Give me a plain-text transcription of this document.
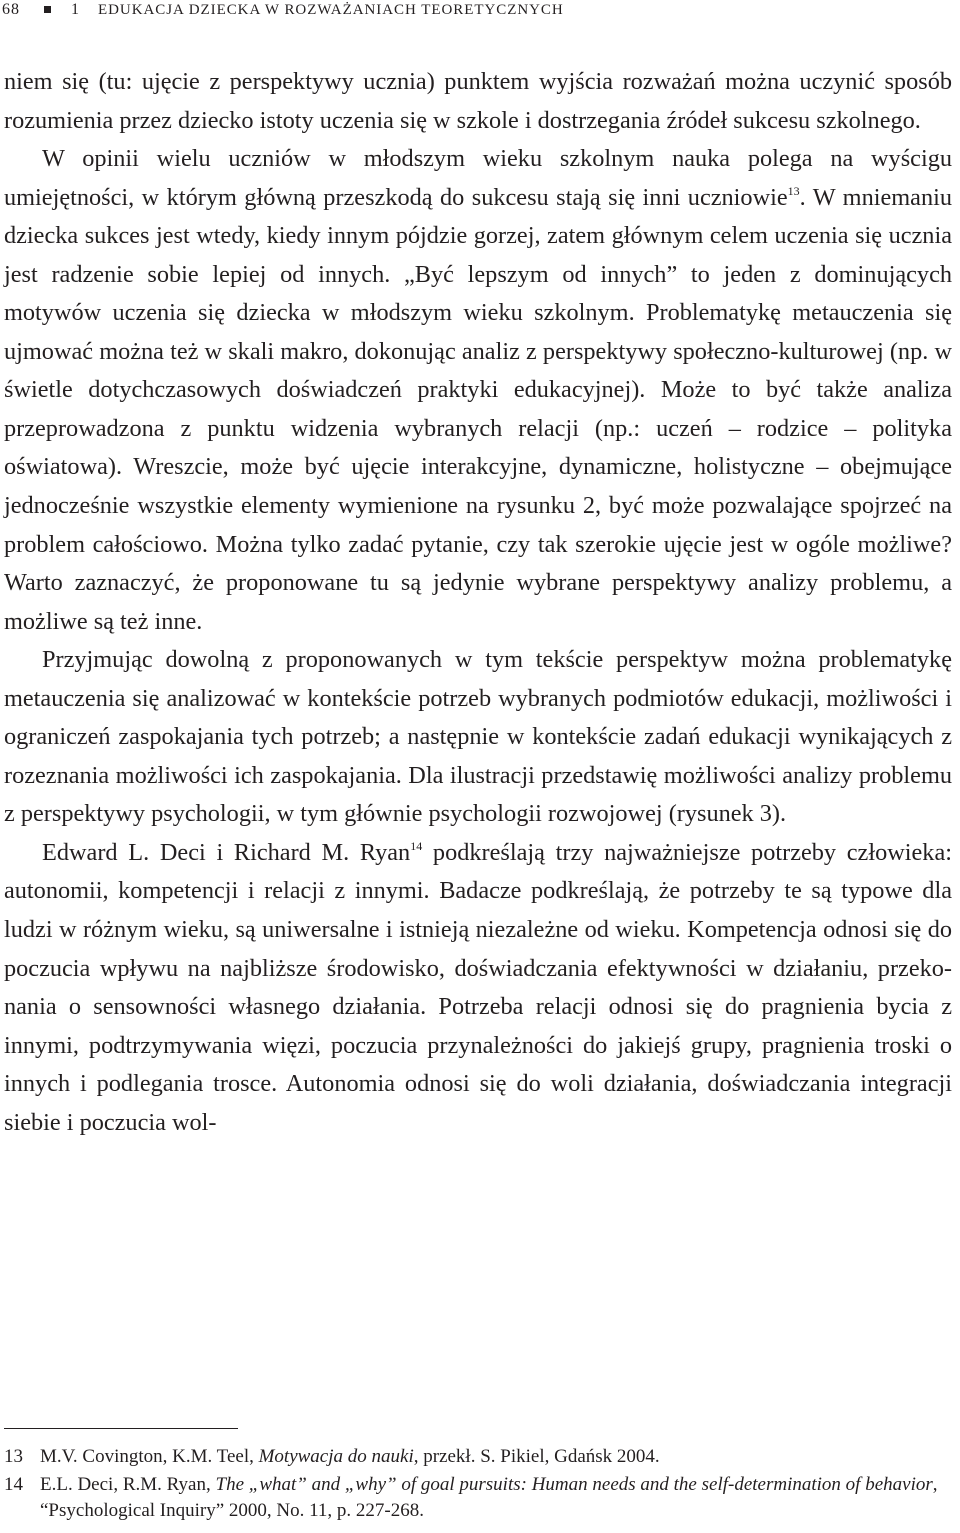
68	1 EDUKACJA DZIECKA W ROZWAŻANIACH TEORETYCZNYCH

niem się (tu: ujęcie z perspektywy ucznia) punktem wyjścia rozważań można uczynić sposób rozumienia przez dziecko istoty uczenia się w szkole i dostrzegania źródeł sukcesu szkolnego.

W opinii wielu uczniów w młodszym wieku szkolnym nauka polega na wyścigu umiejętności, w którym główną przeszkodą do sukcesu stają się inni uczniowie$^{13}$. W mniemaniu dziecka sukces jest wtedy, kiedy innym pójdzie gorzej, zatem głównym celem uczenia się ucznia jest radzenie sobie lepiej od innych. „Być lepszym od innych” to jeden z dominujących motywów uczenia się dziecka w młodszym wieku szkolnym. Problematykę metauczenia się ujmować można też w skali makro, dokonując analiz z perspektywy społeczno-kulturowej (np. w świetle dotychczasowych doświadczeń praktyki edukacyjnej). Może to być także analiza przeprowadzona z punktu widzenia wybranych relacji (np.: uczeń – rodzice – polityka oświatowa). Wreszcie, może być ujęcie interakcyjne, dynamiczne, holistyczne – obejmujące jednocześnie wszystkie elementy wymienione na rysunku 2, być może pozwalające spojrzeć na problem całościowo. Można tylko zadać pytanie, czy tak szerokie ujęcie jest w ogóle możliwe? Warto zaznaczyć, że proponowane tu są jedynie wybrane perspektywy analizy problemu, a możliwe są też inne.

Przyjmując dowolną z proponowanych w tym tekście perspektyw można problematykę metauczenia się analizować w kontekście potrzeb wybranych podmiotów edukacji, możliwości i ograniczeń zaspokajania tych potrzeb; a następnie w kontekście zadań edukacji wynikających z rozeznania możliwości ich zaspokajania. Dla ilustracji przedstawię możliwości analizy problemu z perspektywy psychologii, w tym głównie psychologii rozwojowej (rysunek 3).

Edward L. Deci i Richard M. Ryan$^{14}$ podkreślają trzy najważniejsze potrzeby człowieka: autonomii, kompetencji i relacji z innymi. Badacze podkreślają, że potrzeby te są typowe dla ludzi w różnym wieku, są uniwersalne i istnieją niezależne od wieku. Kompetencja odnosi się do poczucia wpływu na najbliższe środowisko, doświadczania efektywności w działaniu, przekonania o sensowności własnego działania. Potrzeba relacji odnosi się do pragnienia bycia z innymi, podtrzymywania więzi, poczucia przynależności do jakiejś grupy, pragnienia troski o innych i podlegania trosce. Autonomia odnosi się do woli działania, doświadczania integracji siebie i poczucia wol-

13 M.V. Covington, K.M. Teel, Motywacja do nauki, przekł. S. Pikiel, Gdańsk 2004.
14 E.L. Deci, R.M. Ryan, The „what” and „why” of goal pursuits: Human needs and the self-determination of behavior, “Psychological Inquiry” 2000, No. 11, p. 227-268.
